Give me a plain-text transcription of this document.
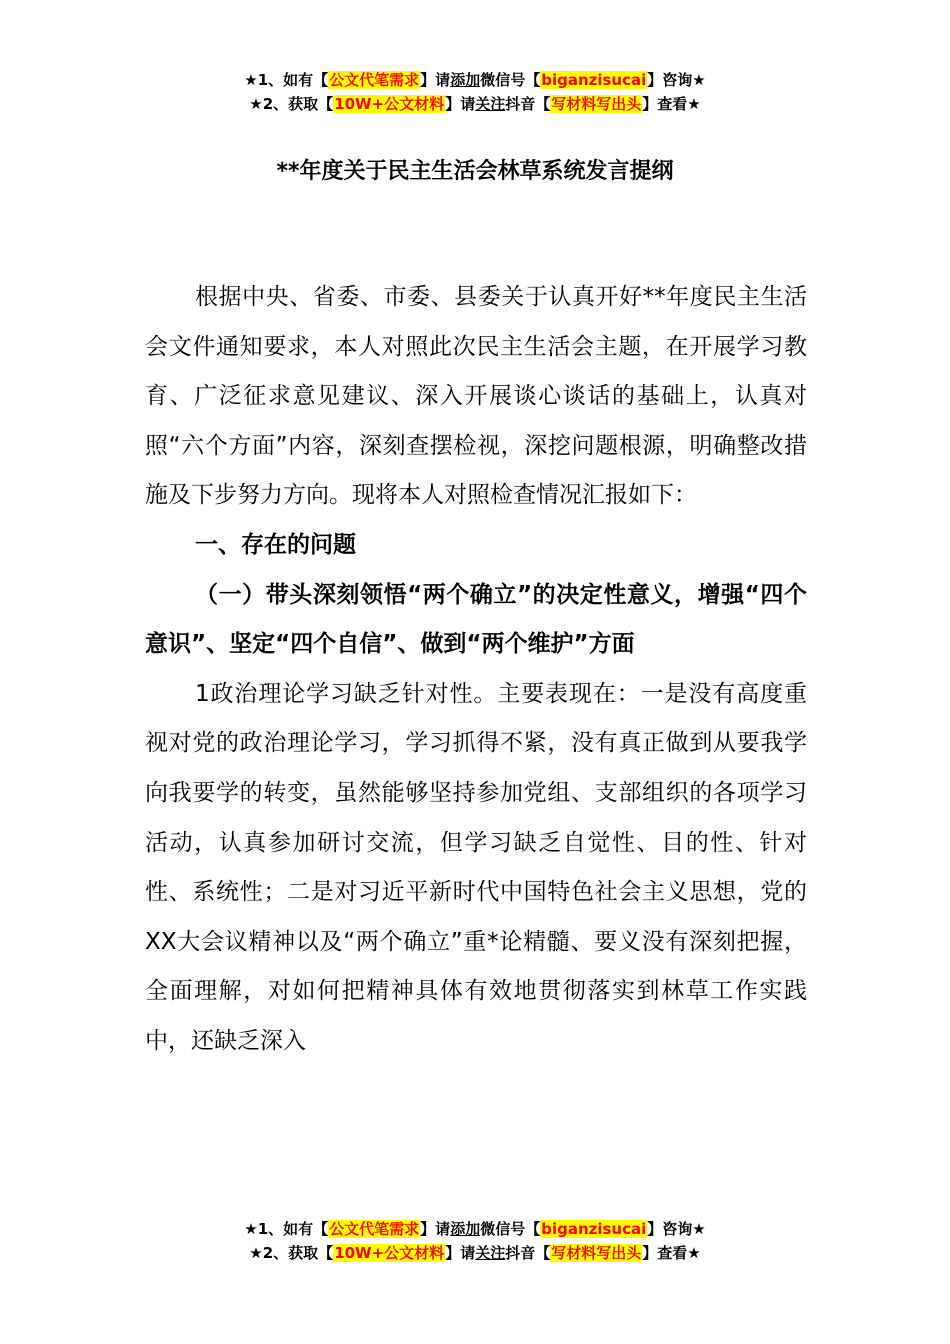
★1、如有【公文代笔需求】请添加微信号【biganzisucai】咨询★
★2、获取【10W+公文材料】请关注抖音【写材料写出头】查看★
**年度关于民主生活会林草系统发言提纲

根据中央、省委、市委、县委关于认真开好**年度民主生活会文件通知要求，本人对照此次民主生活会主题，在开展学习教育、广泛征求意见建议、深入开展谈心谈话的基础上，认真对照“六个方面”内容，深刻查摆检视，深挖问题根源，明确整改措施及下步努力方向。现将本人对照检查情况汇报如下：

一、存在的问题

（一）带头深刻领悟“两个确立”的决定性意义，增强“四个意识”、坚定“四个自信”、做到“两个维护”方面

1政治理论学习缺乏针对性。主要表现在：一是没有高度重视对党的政治理论学习，学习抓得不紧，没有真正做到从要我学向我要学的转变，虽然能够坚持参加党组、支部组织的各项学习活动，认真参加研讨交流，但学习缺乏自觉性、目的性、针对性、系统性；二是对习近平新时代中国特色社会主义思想，党的XX大会议精神以及“两个确立”重*论精髓、要义没有深刻把握，全面理解，对如何把精神具体有效地贯彻落实到林草工作实践中，还缺乏深入

★1、如有【公文代笔需求】请添加微信号【biganzisucai】咨询★
★2、获取【10W+公文材料】请关注抖音【写材料写出头】查看★
